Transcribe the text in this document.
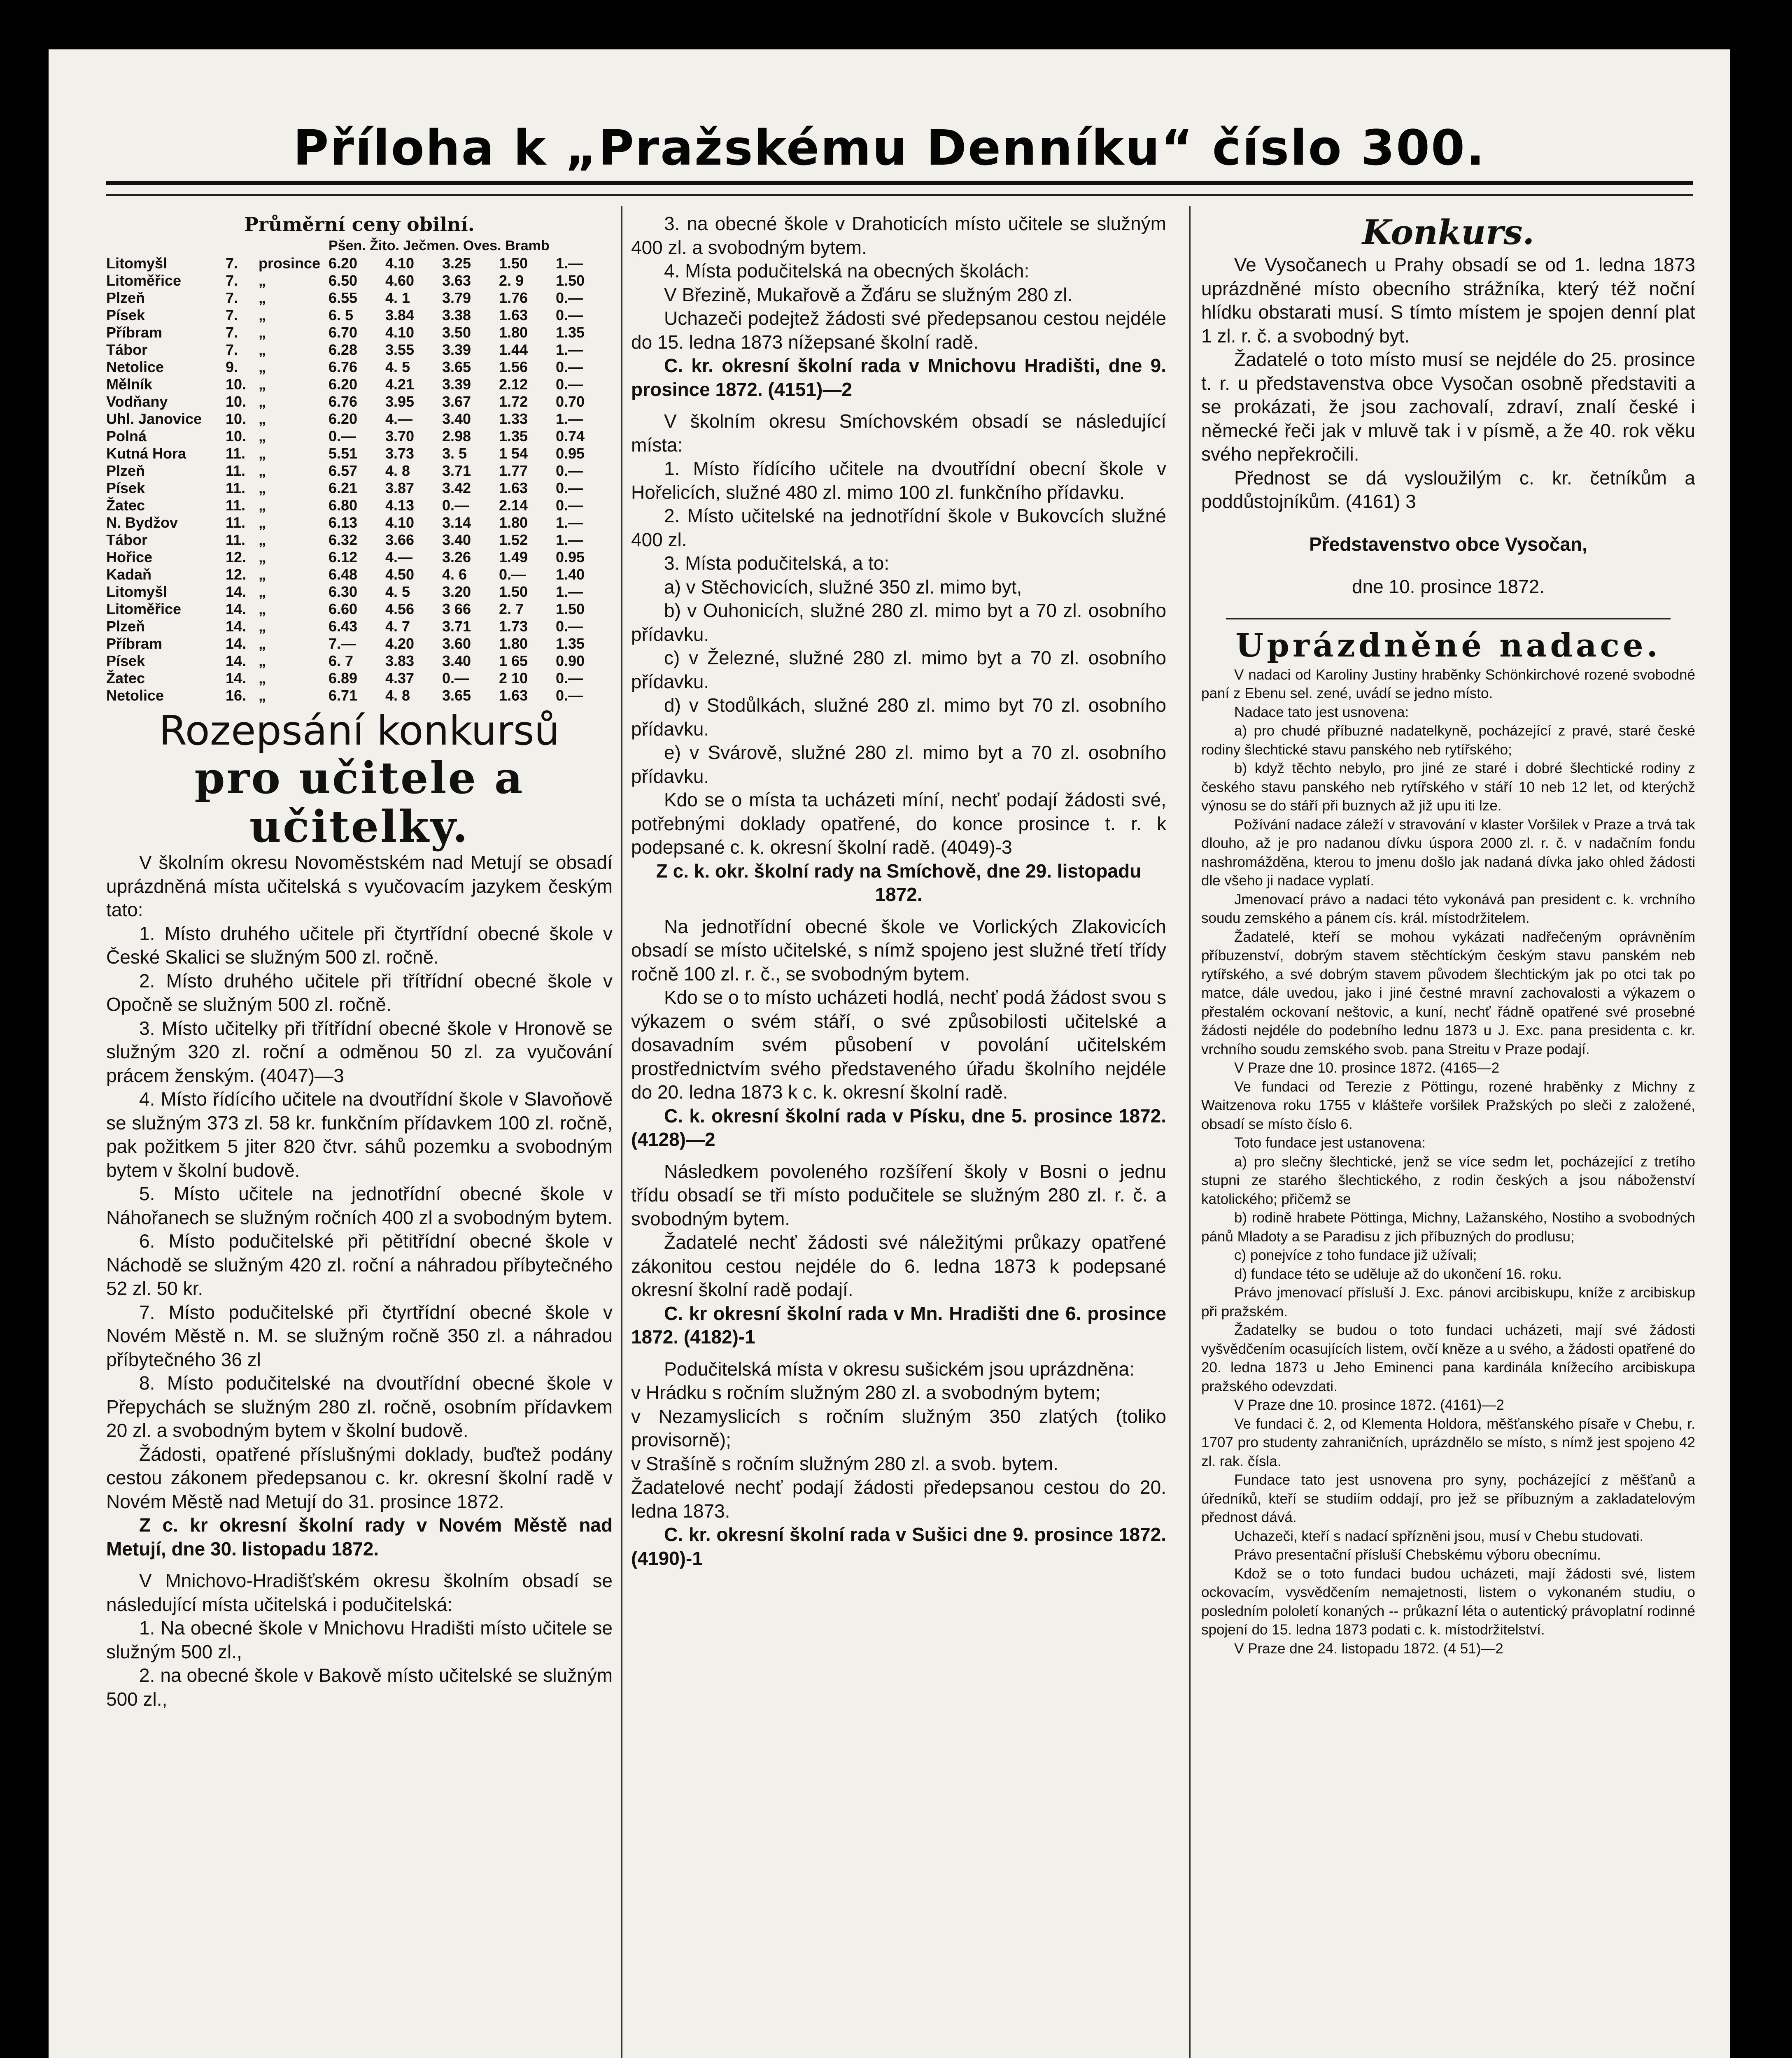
Příloha k „Pražskému Denníku“ číslo 300.
Průměrní ceny obilní.
Pšen. Žito. Ječmen. Oves. Bramb
Litomyšl	7.	prosince	6.20	4.10	3.25	1.50	1.—
Litoměřice	7.	„	6.50	4.60	3.63	2. 9	1.50
Plzeň	7.	„	6.55	4. 1	3.79	1.76	0.—
Písek	7.	„	6. 5	3.84	3.38	1.63	0.—
Příbram	7.	„	6.70	4.10	3.50	1.80	1.35
Tábor	7.	„	6.28	3.55	3.39	1.44	1.—
Netolice	9.	„	6.76	4. 5	3.65	1.56	0.—
Mělník	10.	„	6.20	4.21	3.39	2.12	0.—
Vodňany	10.	„	6.76	3.95	3.67	1.72	0.70
Uhl. Janovice	10.	„	6.20	4.—	3.40	1.33	1.—
Polná	10.	„	0.—	3.70	2.98	1.35	0.74
Kutná Hora	11.	„	5.51	3.73	3. 5	1 54	0.95
Plzeň	11.	„	6.57	4. 8	3.71	1.77	0.—
Písek	11.	„	6.21	3.87	3.42	1.63	0.—
Žatec	11.	„	6.80	4.13	0.—	2.14	0.—
N. Bydžov	11.	„	6.13	4.10	3.14	1.80	1.—
Tábor	11.	„	6.32	3.66	3.40	1.52	1.—
Hořice	12.	„	6.12	4.—	3.26	1.49	0.95
Kadaň	12.	„	6.48	4.50	4. 6	0.—	1.40
Litomyšl	14.	„	6.30	4. 5	3.20	1.50	1.—
Litoměřice	14.	„	6.60	4.56	3 66	2. 7	1.50
Plzeň	14.	„	6.43	4. 7	3.71	1.73	0.—
Příbram	14.	„	7.—	4.20	3.60	1.80	1.35
Písek	14.	„	6. 7	3.83	3.40	1 65	0.90
Žatec	14.	„	6.89	4.37	0.—	2 10	0.—
Netolice	16.	„	6.71	4. 8	3.65	1.63	0.—
Rozepsání konkursů
pro učitele a učitelky.

V školním okresu Novoměstském nad Metují se obsadí uprázdněná místa učitelská s vyučovacím jazykem českým tato:

1. Místo druhého učitele při čtyrtřídní obecné škole v České Skalici se služným 500 zl. ročně.

2. Místo druhého učitele při třítřídní obecné škole v Opočně se služným 500 zl. ročně.

3. Místo učitelky při třítřídní obecné škole v Hronově se služným 320 zl. roční a odměnou 50 zl. za vyučování prácem ženským. (4047)—3

4. Místo řídícího učitele na dvoutřídní škole v Slavoňově se služným 373 zl. 58 kr. funkčním přídavkem 100 zl. ročně, pak požitkem 5 jiter 820 čtvr. sáhů pozemku a svobodným bytem v školní budově.

5. Místo učitele na jednotřídní obecné škole v Náhořanech se služným ročních 400 zl a svobodným bytem.

6. Místo podučitelské při pětitřídní obecné škole v Náchodě se služným 420 zl. roční a náhradou příbytečného 52 zl. 50 kr.

7. Místo podučitelské při čtyrtřídní obecné škole v Novém Městě n. M. se služným ročně 350 zl. a náhradou příbytečného 36 zl

8. Místo podučitelské na dvoutřídní obecné škole v Přepychách se služným 280 zl. ročně, osobním přídavkem 20 zl. a svobodným bytem v školní budově.

Žádosti, opatřené příslušnými doklady, buďtež podány cestou zákonem předepsanou c. kr. okresní školní radě v Novém Městě nad Metují do 31. prosince 1872.

Z c. kr okresní školní rady v Novém Městě nad Metují, dne 30. listopadu 1872.

V Mnichovo-Hradišťském okresu školním obsadí se následující místa učitelská i podučitelská:

1. Na obecné škole v Mnichovu Hradišti místo učitele se služným 500 zl.,

2. na obecné škole v Bakově místo učitelské se služným 500 zl.,

3. na obecné škole v Drahoticích místo učitele se služným 400 zl. a svobodným bytem.

4. Místa podučitelská na obecných školách:

V Březině, Mukařově a Žďáru se služným 280 zl.

Uchazeči podejtež žádosti své předepsanou cestou nejdéle do 15. ledna 1873 nížepsané školní radě.

C. kr. okresní školní rada v Mnichovu Hradišti, dne 9. prosince 1872. (4151)—2

V školním okresu Smíchovském obsadí se následující místa:

1. Místo řídícího učitele na dvoutřídní obecní škole v Hořelicích, služné 480 zl. mimo 100 zl. funkčního přídavku.

2. Místo učitelské na jednotřídní škole v Bukovcích služné 400 zl.

3. Místa podučitelská, a to:

a) v Stěchovicích, služné 350 zl. mimo byt,

b) v Ouhonicích, služné 280 zl. mimo byt a 70 zl. osobního přídavku.

c) v Železné, služné 280 zl. mimo byt a 70 zl. osobního přídavku.

d) v Stodůlkách, služné 280 zl. mimo byt 70 zl. osobního přídavku.

e) v Svárově, služné 280 zl. mimo byt a 70 zl. osobního přídavku.

Kdo se o místa ta ucházeti míní, nechť podají žádosti své, potřebnými doklady opatřené, do konce prosince t. r. k podepsané c. k. okresní školní radě. (4049)-3

Z c. k. okr. školní rady na Smíchově, dne 29. listopadu 1872.

Na jednotřídní obecné škole ve Vorlických Zlakovicích obsadí se místo učitelské, s nímž spojeno jest služné třetí třídy ročně 100 zl. r. č., se svobodným bytem.

Kdo se o to místo ucházeti hodlá, nechť podá žádost svou s výkazem o svém stáří, o své způsobilosti učitelské a dosavadním svém působení v povolání učitelském prostřednictvím svého představeného úřadu školního nejdéle do 20. ledna 1873 k c. k. okresní školní radě.

C. k. okresní školní rada v Písku, dne 5. prosince 1872. (4128)—2

Následkem povoleného rozšíření školy v Bosni o jednu třídu obsadí se tři místo podučitele se služným 280 zl. r. č. a svobodným bytem.

Žadatelé nechť žádosti své náležitými průkazy opatřené zákonitou cestou nejdéle do 6. ledna 1873 k podepsané okresní školní radě podají.

C. kr okresní školní rada v Mn. Hradišti dne 6. prosince 1872. (4182)-1

Podučitelská místa v okresu sušickém jsou uprázdněna:

v Hrádku s ročním služným 280 zl. a svobodným bytem;

v Nezamyslicích s ročním služným 350 zlatých (toliko provisorně);

v Strašíně s ročním služným 280 zl. a svob. bytem.

Žadatelové nechť podají žádosti předepsanou cestou do 20. ledna 1873.

C. kr. okresní školní rada v Sušici dne 9. prosince 1872. (4190)-1

Konkurs.

Ve Vysočanech u Prahy obsadí se od 1. ledna 1873 uprázdněné místo obecního strážníka, který též noční hlídku obstarati musí. S tímto místem je spojen denní plat 1 zl. r. č. a svobodný byt.

Žadatelé o toto místo musí se nejdéle do 25. prosince t. r. u představenstva obce Vysočan osobně představiti a se prokázati, že jsou zachovalí, zdraví, znalí české i německé řeči jak v mluvě tak i v písmě, a že 40. rok věku svého nepřekročili.

Přednost se dá vysloužilým c. kr. četníkům a poddůstojníkům. (4161) 3

Představenstvo obce Vysočan,

dne 10. prosince 1872.

Uprázdněné nadace.

V nadaci od Karoliny Justiny hraběnky Schönkirchové rozené svobodné paní z Ebenu sel. zené, uvádí se jedno místo.

Nadace tato jest usnovena:

a) pro chudé příbuzné nadatelkyně, pocházející z pravé, staré české rodiny šlechtické stavu panského neb rytířského;

b) když těchto nebylo, pro jiné ze staré i dobré šlechtické rodiny z českého stavu panského neb rytířského v stáří 10 neb 12 let, od kterýchž výnosu se do stáří při buznych až již upu iti lze.

Požívání nadace záleží v stravování v klaster Voršilek v Praze a trvá tak dlouho, až je pro nadanou dívku úspora 2000 zl. r. č. v nadačním fondu nashromážděna, kterou to jmenu došlo jak nadaná dívka jako ohled žádosti dle všeho ji nadace vyplatí.

Jmenovací právo a nadaci této vykonává pan president c. k. vrchního soudu zemského a pánem cís. král. místodržitelem.

Žadatelé, kteří se mohou vykázati nadřečeným oprávněním příbuzenství, dobrým stavem stěchtíckým českým stavu panském neb rytířského, a své dobrým stavem původem šlechtickým jak po otci tak po matce, dále uvedou, jako i jiné čestné mravní zachovalosti a výkazem o přestalém ockovaní neštovic, a kuní, nechť řádně opatřené své prosebné žádosti nejdéle do podebního lednu 1873 u J. Exc. pana presidenta c. kr. vrchního soudu zemského svob. pana Streitu v Praze podají.

V Praze dne 10. prosince 1872. (4165—2

Ve fundaci od Terezie z Pöttingu, rozené hraběnky z Michny z Waitzenova roku 1755 v klášteře voršilek Pražských po sleči z založené, obsadí se místo číslo 6.

Toto fundace jest ustanovena:

a) pro slečny šlechtické, jenž se více sedm let, pocházející z tretího stupni ze starého šlechtického, z rodin českých a jsou náboženství katolického; přičemž se

b) rodině hrabete Pöttinga, Michny, Lažanského, Nostiho a svobodných pánů Mladoty a se Paradisu z jich příbuzných do prodlusu;

c) ponejvíce z toho fundace již užívali;

d) fundace této se uděluje až do ukončení 16. roku.

Právo jmenovací přísluší J. Exc. pánovi arcibiskupu, kníže z arcibiskup při pražském.

Žadatelky se budou o toto fundaci ucházeti, mají své žádosti vyšvědčením ocasujících listem, ovčí kněze a u svého, a žádosti opatřené do 20. ledna 1873 u Jeho Eminenci pana kardinála knížecího arcibiskupa pražského odevzdati.

V Praze dne 10. prosince 1872. (4161)—2

Ve fundaci č. 2, od Klementa Holdora, měšťanského písaře v Chebu, r. 1707 pro studenty zahraničních, uprázdnělo se místo, s nímž jest spojeno 42 zl. rak. čísla.

Fundace tato jest usnovena pro syny, pocházející z měšťanů a úředníků, kteří se studiím oddají, pro jež se příbuzným a zakladatelovým přednost dává.

Uchazeči, kteří s nadací spřízněni jsou, musí v Chebu studovati.

Právo presentační přísluší Chebskému výboru obecnímu.

Kdož se o toto fundaci budou ucházeti, mají žádosti své, listem ockovacím, vysvědčením nemajetnosti, listem o vykonaném studiu, o posledním pololetí konaných -- průkazní léta o autentický právoplatní rodinné spojení do 15. ledna 1873 podati c. k. místodržitelství.

V Praze dne 24. listopadu 1872. (4 51)—2
